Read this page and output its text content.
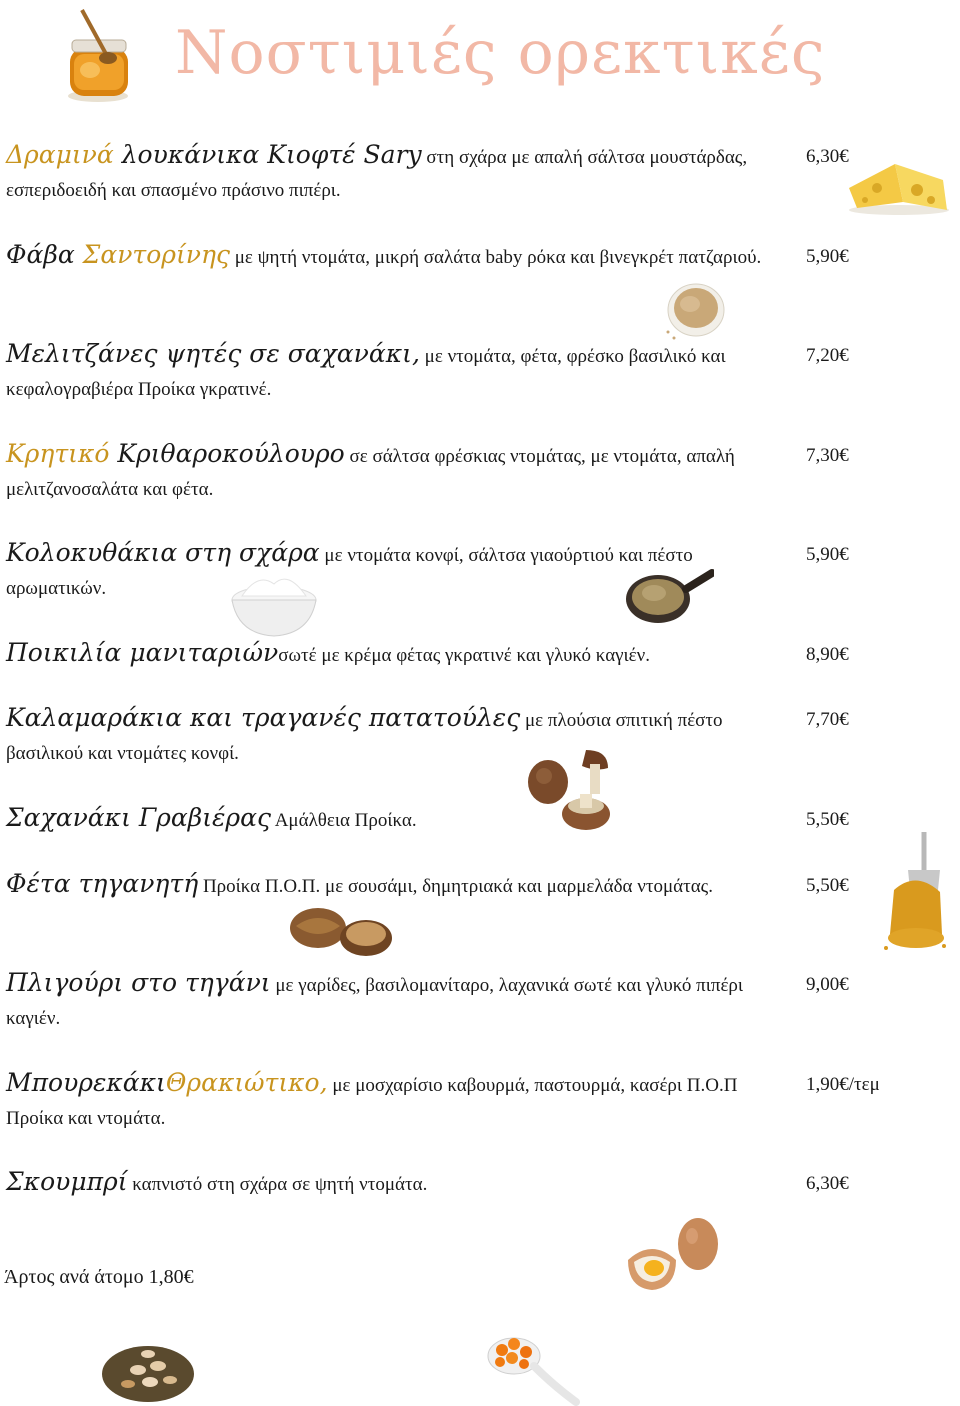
Νοστιμιές ορεκτικές
Δραμινά λουκάνικα Κιοφτέ Sary στη σχάρα με απαλή σάλτσα μουστάρδας, εσπεριδοειδή και σπασμένο πράσινο πιπέρι.
6,30€
Φάβα Σαντορίνης με ψητή ντομάτα, μικρή σαλάτα baby ρόκα και βινεγκρέτ πατζαριού.	5,90€
Μελιτζάνες ψητές σε σαχανάκι, με ντομάτα, φέτα, φρέσκο βασιλικό και κεφαλογραβιέρα Προίκα γκρατινέ.
7,20€
Κρητικό Κριθαροκούλουρο σε σάλτσα φρέσκιας ντομάτας, με ντομάτα, απαλή μελιτζανοσαλάτα και φέτα.
7,30€
Κολοκυθάκια στη σχάρα με ντομάτα κονφί, σάλτσα γιαούρτιού και πέστο αρωματικών.
5,90€
Ποικιλία μανιταριώνσωτέ με κρέμα φέτας γκρατινέ και γλυκό καγιέν.	8,90€
Καλαμαράκια και τραγανές πατατούλες με πλούσια σπιτική πέστο βασιλικού και ντομάτες κονφί.
7,70€
Σαχανάκι Γραβιέρας Αμάλθεια Προίκα.	5,50€
Φέτα τηγανητή Προίκα Π.Ο.Π. με σουσάμι, δημητριακά και μαρμελάδα ντομάτας.	5,50€
Πλιγούρι στο τηγάνι με γαρίδες, βασιλομανίταρο, λαχανικά σωτέ και γλυκό πιπέρι καγιέν.
9,00€
ΜπουρεκάκιΘρακιώτικο, με μοσχαρίσιο καβουρμά, παστουρμά, κασέρι Π.Ο.Π Προίκα και ντομάτα.
1,90€/τεμ
Σκουμπρί καπνιστό στη σχάρα σε ψητή ντομάτα.	6,30€
Άρτος ανά άτομο 1,80€
